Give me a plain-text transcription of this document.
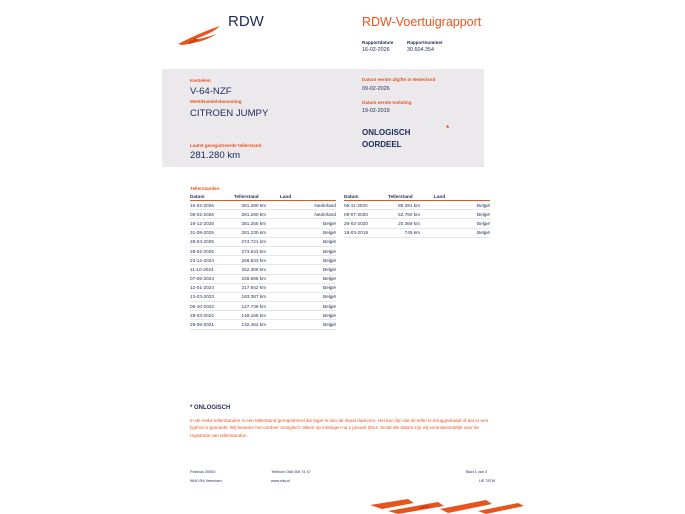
RDW	RDW-Voertuigrapport
Rapportdatum
16-02-2026
Rapportnummer
30.604.354
Kenteken
V-64-NZF
Merk/Handelsbenaming
CITROEN JUMPY
Laatst geregistreerde tellerstand
281.280 km
Datum eerste afgifte in Nederland
09-02-2026
Datum eerste toelating
19-02-2019
ONLOGISCH OORDEEL
*
Tellerstanden
Datum	Tellerstand	Land
16-02-2026	281.280 km	Nederland
05-02-2026	281.280 km	Nederland
16-12-2025	281.255 km	België
31-08-2025	281.230 km	België
29-04-2025	274.721 km	België
28-02-2025	273.543 km	België
23-12-2024	268.633 km	België
11-10-2024	252.309 km	België
07-05-2024	228.696 km	België
12-01-2024	217.942 km	België
13-03-2023	183.387 km	België
05-10-2022	127.739 km	België
29-03-2022	149.165 km	België
28-06-2021	132.462 km	België
Datum	Tellerstand	Land
06-11-2020	88.391 km	België
09-07-2020	52.760 km	België
26-02-2020	20.369 km	België
18-03-2019	745 km	België
* ONLOGISCH
In de reeks tellerstanden is een tellerstand geregistreerd die lager is dan de stand daarvoor. Het kan zijn dat de teller is teruggedraaid of dat er een typfout is gemaakt. Wij baseren het oordeel 'onlogisch' alleen op metingen na 1 januari 2014. Sinds die datum zijn wij verantwoordelijk voor de registratie van tellerstanden.
Postbus 30000
9640 RA Veendam
Telefoon 088 008 74 47
www.rdw.nl
Blad 1 van 3
UE 787W
